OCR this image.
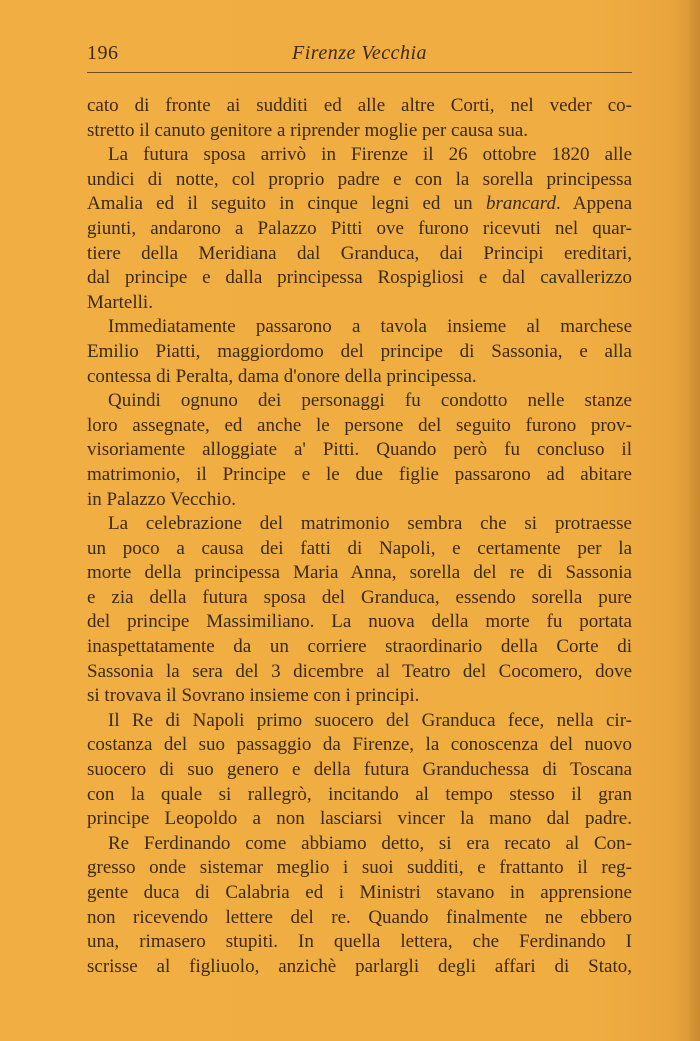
196	Firenze Vecchia
cato di fronte ai sudditi ed alle altre Corti, nel veder co-
stretto il canuto genitore a riprender moglie per causa sua.
La futura sposa arrivò in Firenze il 26 ottobre 1820 alle
undici di notte, col proprio padre e con la sorella principessa
Amalia ed il seguito in cinque legni ed un brancard. Appena
giunti, andarono a Palazzo Pitti ove furono ricevuti nel quar-
tiere della Meridiana dal Granduca, dai Principi ereditari,
dal principe e dalla principessa Rospigliosi e dal cavallerizzo
Martelli.
Immediatamente passarono a tavola insieme al marchese
Emilio Piatti, maggiordomo del principe di Sassonia, e alla
contessa di Peralta, dama d'onore della principessa.
Quindi ognuno dei personaggi fu condotto nelle stanze
loro assegnate, ed anche le persone del seguito furono prov-
visoriamente alloggiate a' Pitti. Quando però fu concluso il
matrimonio, il Principe e le due figlie passarono ad abitare
in Palazzo Vecchio.
La celebrazione del matrimonio sembra che si protraesse
un poco a causa dei fatti di Napoli, e certamente per la
morte della principessa Maria Anna, sorella del re di Sassonia
e zia della futura sposa del Granduca, essendo sorella pure
del principe Massimiliano. La nuova della morte fu portata
inaspettatamente da un corriere straordinario della Corte di
Sassonia la sera del 3 dicembre al Teatro del Cocomero, dove
si trovava il Sovrano insieme con i principi.
Il Re di Napoli primo suocero del Granduca fece, nella cir-
costanza del suo passaggio da Firenze, la conoscenza del nuovo
suocero di suo genero e della futura Granduchessa di Toscana
con la quale si rallegrò, incitando al tempo stesso il gran
principe Leopoldo a non lasciarsi vincer la mano dal padre.
Re Ferdinando come abbiamo detto, si era recato al Con-
gresso onde sistemar meglio i suoi sudditi, e frattanto il reg-
gente duca di Calabria ed i Ministri stavano in apprensione
non ricevendo lettere del re. Quando finalmente ne ebbero
una, rimasero stupiti. In quella lettera, che Ferdinando I
scrisse al figliuolo, anzichè parlargli degli affari di Stato,
